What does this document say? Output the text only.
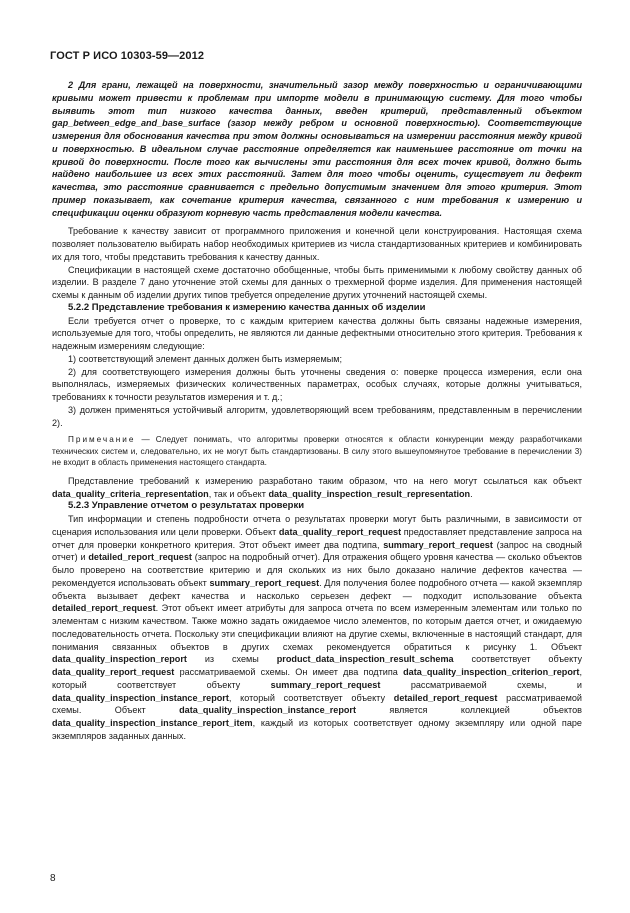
ГОСТ Р ИСО 10303-59—2012

2 Для грани, лежащей на поверхности, значительный зазор между поверхностью и ограничивающими кривыми может привести к проблемам при импорте модели в принимающую систему. Для того чтобы выявить этот тип низкого качества данных, введен критерий, представленный объектом gap_between_edge_and_base_surface (зазор между ребром и основной поверхностью). Соответствующие измерения для обоснования качества при этом должны основываться на измерении расстояния между кривой и поверхностью. В идеальном случае расстояние определяется как наименьшее расстояние от точки на кривой до поверхности. После того как вычислены эти расстояния для всех точек кривой, должно быть найдено наибольшее из всех этих расстояний. Затем для того чтобы оценить, существует ли дефект качества, это расстояние сравнивается с предельно допустимым значением для этого критерия. Этот пример показывает, как сочетание критерия качества, связанного с ним требования к измерению и спецификации оценки образуют корневую часть представления модели качества.

Требование к качеству зависит от программного приложения и конечной цели конструирования. Настоящая схема позволяет пользователю выбирать набор необходимых критериев из числа стандартизованных критериев и комбинировать их для того, чтобы представить требования к качеству данных.

Спецификации в настоящей схеме достаточно обобщенные, чтобы быть применимыми к любому свойству данных об изделии. В разделе 7 дано уточнение этой схемы для данных о трехмерной форме изделия. Для применения настоящей схемы к данным об изделии других типов требуется определение других уточнений настоящей схемы.

5.2.2 Представление требования к измерению качества данных об изделии

Если требуется отчет о проверке, то с каждым критерием качества должны быть связаны надежные измерения, используемые для того, чтобы определить, не являются ли данные дефектными относительно этого критерия. Требования к надежным измерениям следующие:

1) соответствующий элемент данных должен быть измеряемым;

2) для соответствующего измерения должны быть уточнены сведения о: поверке процесса измерения, если она выполнялась, измеряемых физических количественных параметрах, особых случаях, которые должны учитываться, требованиях к точности результатов измерения и т. д.;

3) должен применяться устойчивый алгоритм, удовлетворяющий всем требованиям, представленным в перечислении 2).

Примечание — Следует понимать, что алгоритмы проверки относятся к области конкуренции между разработчиками технических систем и, следовательно, их не могут быть стандартизованы. В силу этого вышеупомянутое требование в перечислении 3) не входит в область применения настоящего стандарта.

Представление требований к измерению разработано таким образом, что на него могут ссылаться как объект data_quality_criteria_representation, так и объект data_quality_inspection_result_representation.

5.2.3 Управление отчетом о результатах проверки

Тип информации и степень подробности отчета о результатах проверки могут быть различными, в зависимости от сценария использования или цели проверки. Объект data_quality_report_request предоставляет представление запроса на отчет для проверки конкретного критерия. Этот объект имеет два подтипа, summary_report_request (запрос на сводный отчет) и detailed_report_request (запрос на подробный отчет). Для отражения общего уровня качества — сколько объектов было проверено на соответствие критерию и для скольких из них было доказано наличие дефектов качества — рекомендуется использовать объект summary_report_request. Для получения более подробного отчета — какой экземпляр объекта вызывает дефект качества и насколько серьезен дефект — подходит использование объекта detailed_report_request. Этот объект имеет атрибуты для запроса отчета по всем измеренным элементам или только по элементам с низким качеством. Также можно задать ожидаемое число элементов, по которым дается отчет, и ожидаемую последовательность отчета. Поскольку эти спецификации влияют на другие схемы, включенные в настоящий стандарт, для понимания связанных объектов в других схемах рекомендуется обратиться к рисунку 1. Объект data_quality_inspection_report из схемы product_data_inspection_result_schema соответствует объекту data_quality_report_request рассматриваемой схемы. Он имеет два подтипа data_quality_inspection_criterion_report, который соответствует объекту	summary_report_request	рассматриваемой схемы, и data_quality_inspection_instance_report, который соответствует объекту detailed_report_request рассматриваемой схемы. Объект	data_quality_inspection_instance_report	является коллекцией объектов data_quality_inspection_instance_report_item, каждый из которых соответствует одному экземпляру или одной паре экземпляров заданных данных.

8
